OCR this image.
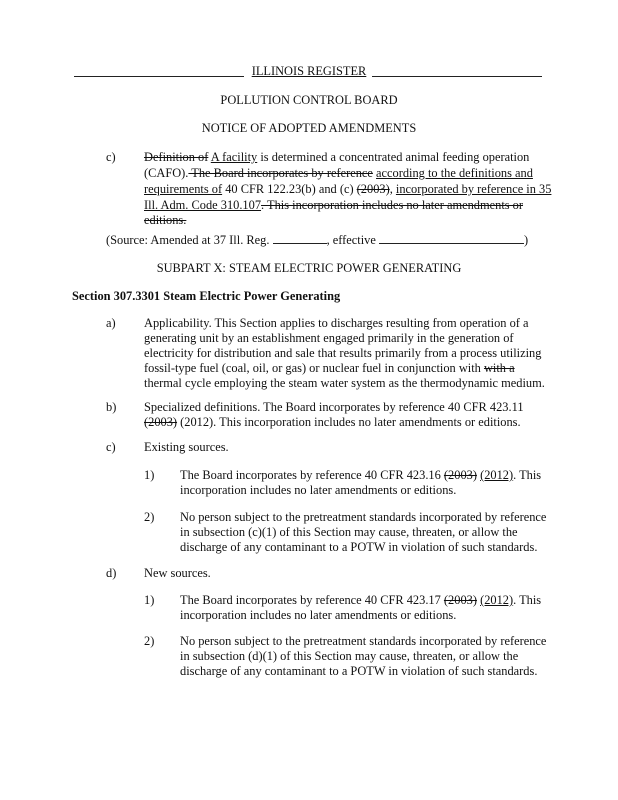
ILLINOIS REGISTER
POLLUTION CONTROL BOARD
NOTICE OF ADOPTED AMENDMENTS
c) Definition of A facility is determined a concentrated animal feeding operation
(CAFO). The Board incorporates by reference according to the definitions and
requirements of 40 CFR 122.23(b) and (c) (2003), incorporated by reference in 35
Ill. Adm. Code 310.107. This incorporation includes no later amendments or
editions.
(Source: Amended at 37 Ill. Reg.	, effective	)
SUBPART X: STEAM ELECTRIC POWER GENERATING
Section 307.3301 Steam Electric Power Generating
a) Applicability. This Section applies to discharges resulting from operation of a
generating unit by an establishment engaged primarily in the generation of
electricity for distribution and sale that results primarily from a process utilizing
fossil-type fuel (coal, oil, or gas) or nuclear fuel in conjunction with with a
thermal cycle employing the steam water system as the thermodynamic medium.
b) Specialized definitions. The Board incorporates by reference 40 CFR 423.11
(2003) (2012). This incorporation includes no later amendments or editions.
c) Existing sources.
1) The Board incorporates by reference 40 CFR 423.16 (2003) (2012). This
incorporation includes no later amendments or editions.
2) No person subject to the pretreatment standards incorporated by reference
in subsection (c)(1) of this Section may cause, threaten, or allow the
discharge of any contaminant to a POTW in violation of such standards.
d) New sources.
1) The Board incorporates by reference 40 CFR 423.17 (2003) (2012). This
incorporation includes no later amendments or editions.
2) No person subject to the pretreatment standards incorporated by reference
in subsection (d)(1) of this Section may cause, threaten, or allow the
discharge of any contaminant to a POTW in violation of such standards.
